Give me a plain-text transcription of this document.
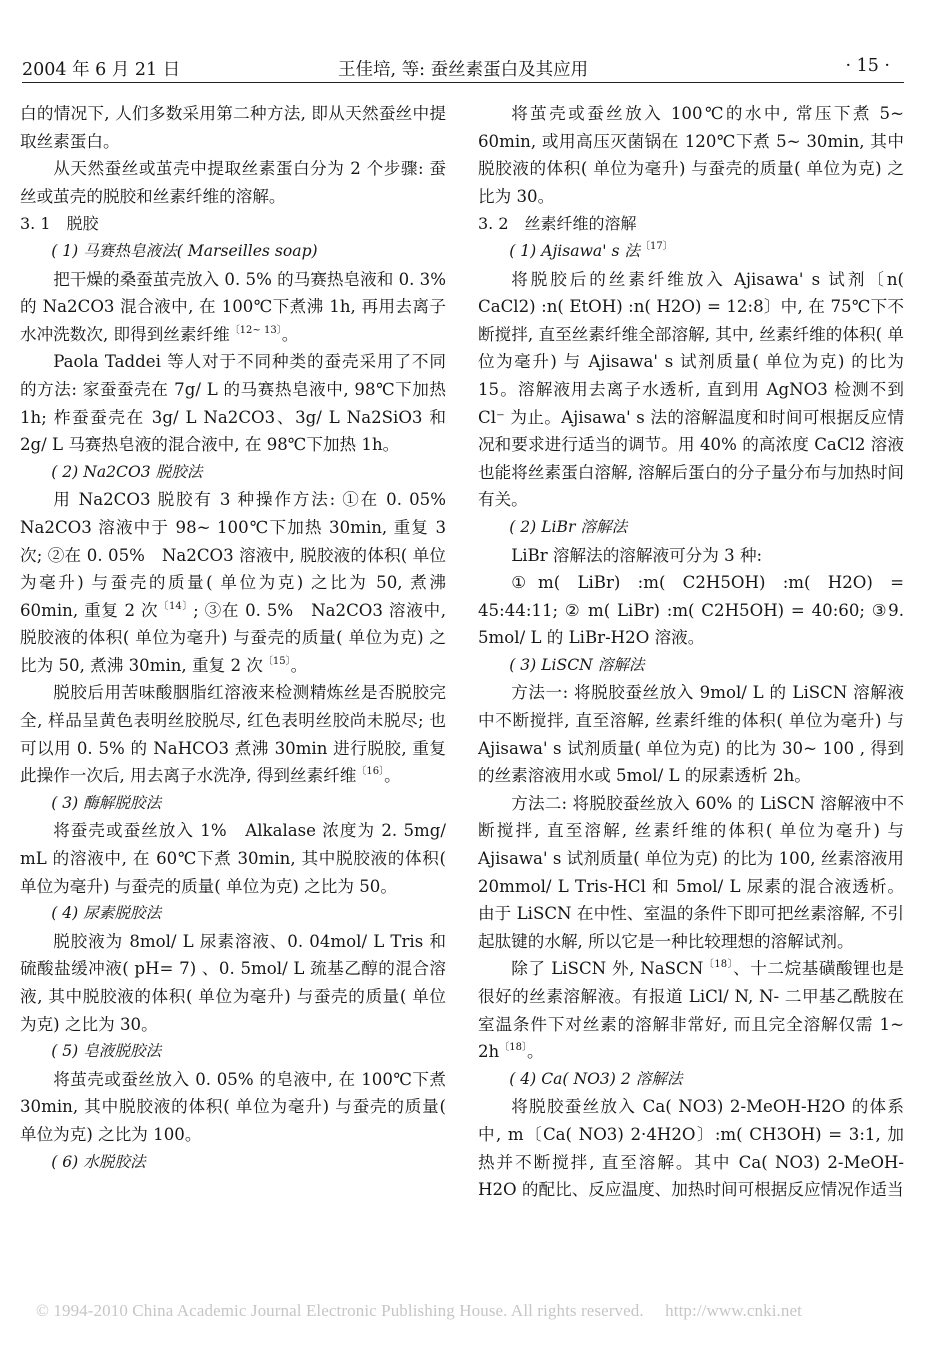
2004 年 6 月 21 日	王佳培, 等: 蚕丝素蛋白及其应用	· 15 ·

白的情况下, 人们多数采用第二种方法, 即从天然蚕丝中提取丝素蛋白。

从天然蚕丝或茧壳中提取丝素蛋白分为 2 个步骤: 蚕丝或茧壳的脱胶和丝素纤维的溶解。

3. 1　脱胶

( 1) 马赛热皂液法( Marseilles soap)

把干燥的桑蚕茧壳放入 0. 5% 的马赛热皂液和 0. 3% 的 Na2CO3 混合液中, 在 100℃下煮沸 1h, 再用去离子水冲洗数次, 即得到丝素纤维$^{〔12\sim 13〕}$。

Paola Taddei 等人对于不同种类的蚕壳采用了不同的方法: 家蚕蚕壳在 7g/ L 的马赛热皂液中, 98℃下加热 1h; 柞蚕蚕壳在 3g/ L Na2CO3、3g/ L Na2SiO3 和 2g/ L 马赛热皂液的混合液中, 在 98℃下加热 1h。

( 2) Na2CO3 脱胶法

用 Na2CO3 脱胶有 3 种操作方法: ①在 0. 05% Na2CO3 溶液中于 98~ 100℃下加热 30min, 重复 3 次; ②在 0. 05%　Na2CO3 溶液中, 脱胶液的体积( 单位为毫升) 与蚕壳的质量( 单位为克) 之比为 50, 煮沸 60min, 重复 2 次$^{〔14〕}$; ③在 0. 5%　Na2CO3 溶液中, 脱胶液的体积( 单位为毫升) 与蚕壳的质量( 单位为克) 之比为 50, 煮沸 30min, 重复 2 次$^{〔15〕}$。

脱胶后用苦味酸胭脂红溶液来检测精炼丝是否脱胶完全, 样品呈黄色表明丝胶脱尽, 红色表明丝胶尚未脱尽; 也可以用 0. 5% 的 NaHCO3 煮沸 30min 进行脱胶, 重复此操作一次后, 用去离子水洗净, 得到丝素纤维$^{〔16〕}$。

( 3) 酶解脱胶法

将蚕壳或蚕丝放入 1%　Alkalase 浓度为 2. 5mg/ mL 的溶液中, 在 60℃下煮 30min, 其中脱胶液的体积( 单位为毫升) 与蚕壳的质量( 单位为克) 之比为 50。

( 4) 尿素脱胶法

脱胶液为 8mol/ L 尿素溶液、0. 04mol/ L Tris 和硫酸盐缓冲液( pH= 7) 、0. 5mol/ L 巯基乙醇的混合溶液, 其中脱胶液的体积( 单位为毫升) 与蚕壳的质量( 单位为克) 之比为 30。

( 5) 皂液脱胶法

将茧壳或蚕丝放入 0. 05% 的皂液中, 在 100℃下煮 30min, 其中脱胶液的体积( 单位为毫升) 与蚕壳的质量( 单位为克) 之比为 100。

( 6) 水脱胶法

将茧壳或蚕丝放入 100℃的水中, 常压下煮 5~ 60min, 或用高压灭菌锅在 120℃下煮 5~ 30min, 其中脱胶液的体积( 单位为毫升) 与蚕壳的质量( 单位为克) 之比为 30。

3. 2　丝素纤维的溶解

( 1) Ajisawa' s 法$^{〔17〕}$

将脱胶后的丝素纤维放入 Ajisawa' s 试剂〔n( CaCl2) :n( EtOH) :n( H2O) = 12:8〕中, 在 75℃下不断搅拌, 直至丝素纤维全部溶解, 其中, 丝素纤维的体积( 单位为毫升) 与 Ajisawa' s 试剂质量( 单位为克) 的比为 15。溶解液用去离子水透析, 直到用 AgNO3 检测不到 Cl⁻ 为止。Ajisawa' s 法的溶解温度和时间可根据反应情况和要求进行适当的调节。用 40% 的高浓度 CaCl2 溶液也能将丝素蛋白溶解, 溶解后蛋白的分子量分布与加热时间有关。

( 2) LiBr 溶解法

LiBr 溶解法的溶解液可分为 3 种:

①m( LiBr) :m( C2H5OH) :m( H2O) = 45:44:11; ② m( LiBr) :m( C2H5OH) = 40:60; ③9. 5mol/ L 的 LiBr-H2O 溶液。

( 3) LiSCN 溶解法

方法一: 将脱胶蚕丝放入 9mol/ L 的 LiSCN 溶解液中不断搅拌, 直至溶解, 丝素纤维的体积( 单位为毫升) 与 Ajisawa' s 试剂质量( 单位为克) 的比为 30~ 100 , 得到的丝素溶液用水或 5mol/ L 的尿素透析 2h。

方法二: 将脱胶蚕丝放入 60% 的 LiSCN 溶解液中不断搅拌, 直至溶解, 丝素纤维的体积( 单位为毫升) 与 Ajisawa' s 试剂质量( 单位为克) 的比为 100, 丝素溶液用 20mmol/ L Tris-HCl 和 5mol/ L 尿素的混合液透析。由于 LiSCN 在中性、室温的条件下即可把丝素溶解, 不引起肽键的水解, 所以它是一种比较理想的溶解试剂。

除了 LiSCN 外, NaSCN$^{〔18〕}$、十二烷基磺酸锂也是很好的丝素溶解液。有报道 LiCl/ N, N- 二甲基乙酰胺在室温条件下对丝素的溶解非常好, 而且完全溶解仅需 1~ $2h^{〔18〕}$。

( 4) Ca( NO3) 2 溶解法

将脱胶蚕丝放入 Ca( NO3) 2-MeOH-H2O 的体系中, m〔Ca( NO3) 2·4H2O〕:m( CH3OH) = 3:1, 加热并不断搅拌, 直至溶解。其中 Ca( NO3) 2-MeOH-H2O 的配比、反应温度、加热时间可根据反应情况作适当

© 1994-2010 China Academic Journal Electronic Publishing House. All rights reserved.　 http://www.cnki.net
